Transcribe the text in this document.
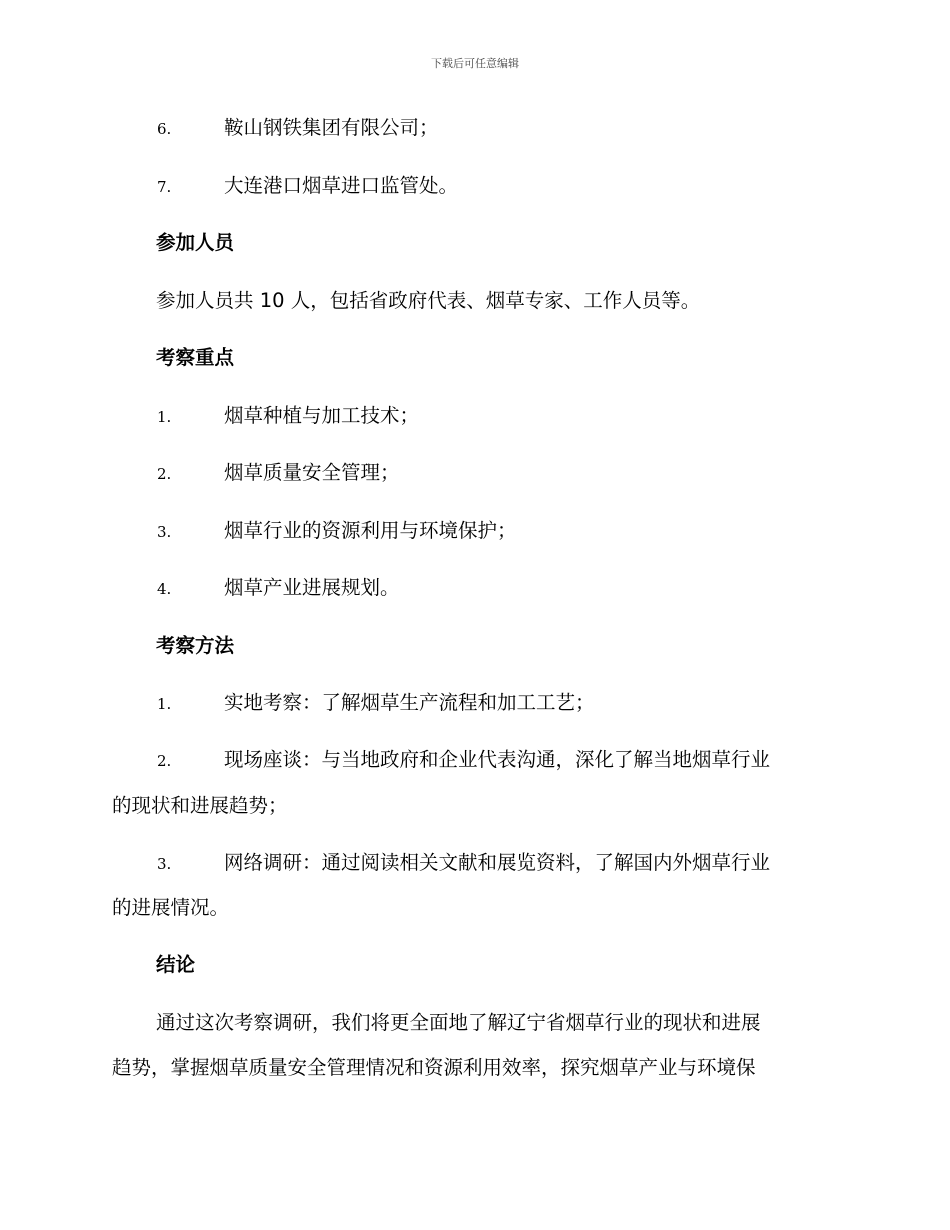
下载后可任意编辑
6.	鞍山钢铁集团有限公司；
7.	大连港口烟草进口监管处。
参加人员
参加人员共 10 人，包括省政府代表、烟草专家、工作人员等。
考察重点
1.	烟草种植与加工技术；
2.	烟草质量安全管理；
3.	烟草行业的资源利用与环境保护；
4.	烟草产业进展规划。
考察方法
1.	实地考察：了解烟草生产流程和加工工艺；
2.	现场座谈：与当地政府和企业代表沟通，深化了解当地烟草行业
的现状和进展趋势；
3.	网络调研：通过阅读相关文献和展览资料，了解国内外烟草行业
的进展情况。
结论
通过这次考察调研，我们将更全面地了解辽宁省烟草行业的现状和进展
趋势，掌握烟草质量安全管理情况和资源利用效率，探究烟草产业与环境保
